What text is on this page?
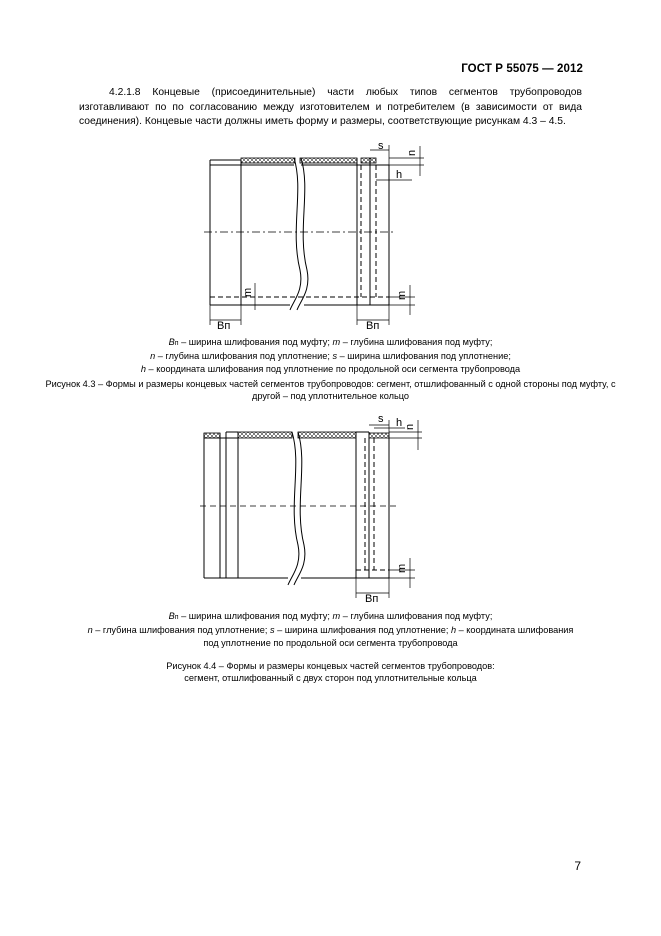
ГОСТ Р 55075 — 2012
4.2.1.8 Концевые (присоединительные) части любых типов сегментов трубопроводов изготавливают по по согласованию между изготовителем и потребителем (в зависимости от вида соединения). Концевые части должны иметь форму и размеры, соответствующие рисункам 4.3 – 4.5.
s
n
h
m	m
Bп	Bп
Bп – ширина шлифования под муфту; m – глубина шлифования под муфту;
n – глубина шлифования под уплотнение; s – ширина шлифования под уплотнение;
h – координата шлифования под уплотнение по продольной оси сегмента трубопровода
Рисунок 4.3 – Формы и размеры концевых частей сегментов трубопроводов: сегмент, отшлифованный с одной стороны под муфту, с другой – под уплотнительное кольцо
s
n
h
m
Bп
Bп – ширина шлифования под муфту; m – глубина шлифования под муфту;
n – глубина шлифования под уплотнение; s – ширина шлифования под уплотнение; h – координата шлифования
под уплотнение по продольной оси сегмента трубопровода
Рисунок 4.4 – Формы и размеры концевых частей сегментов трубопроводов: сегмент, отшлифованный с двух сторон под уплотнительные кольца
7
